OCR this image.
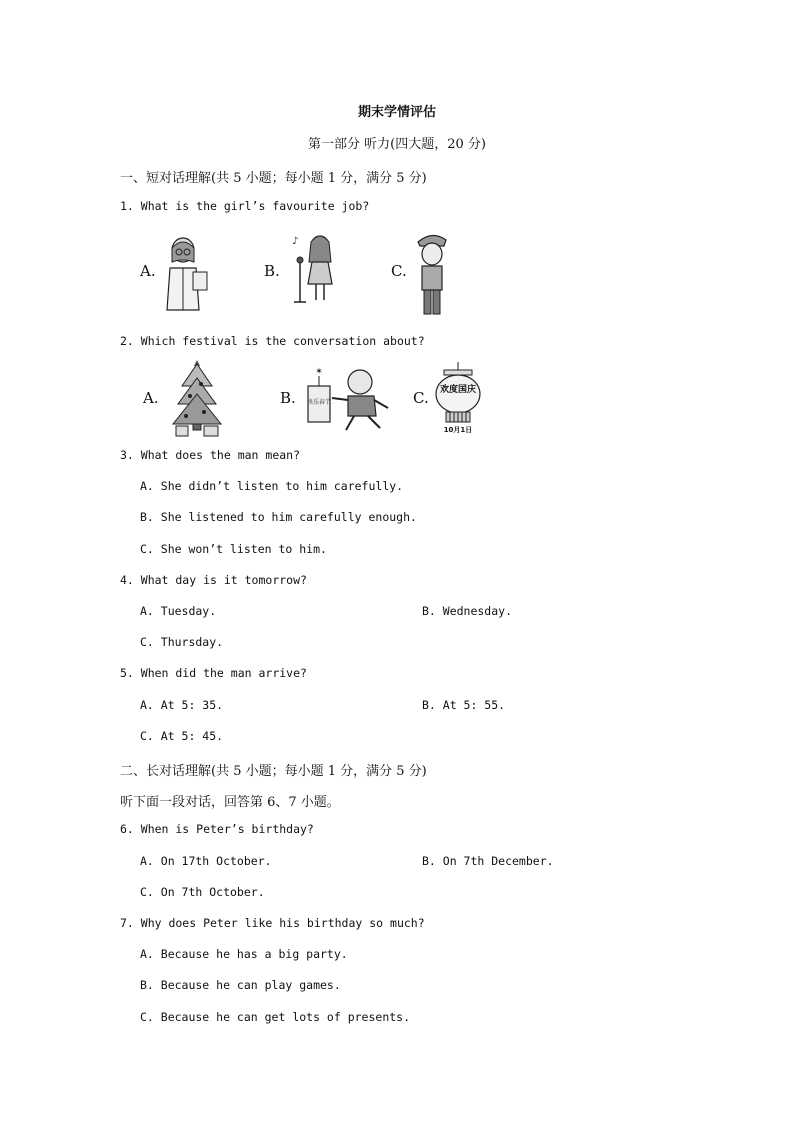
期末学情评估
第一部分 听力(四大题，20 分)
一、短对话理解(共 5 小题；每小题 1 分，满分 5 分)
1. What is the girl’s favourite job?
A.	B.
♪
C.
2. Which festival is the conversation about?
A.	B.
✶
快乐春节	C. 欢度国庆
10月1日
3. What does the man mean?
A. She didn’t listen to him carefully.
B. She listened to him carefully enough.
C. She won’t listen to him.
4. What day is it tomorrow?
A. Tuesday.	B. Wednesday.
C. Thursday.
5. When did the man arrive?
A. At 5: 35.	B. At 5: 55.
C. At 5: 45.
二、长对话理解(共 5 小题；每小题 1 分，满分 5 分)
听下面一段对话，回答第 6、7 小题。
6. When is Peter’s birthday?
A. On 17th October.	B. On 7th December.
C. On 7th October.
7. Why does Peter like his birthday so much?
A. Because he has a big party.
B. Because he can play games.
C. Because he can get lots of presents.
